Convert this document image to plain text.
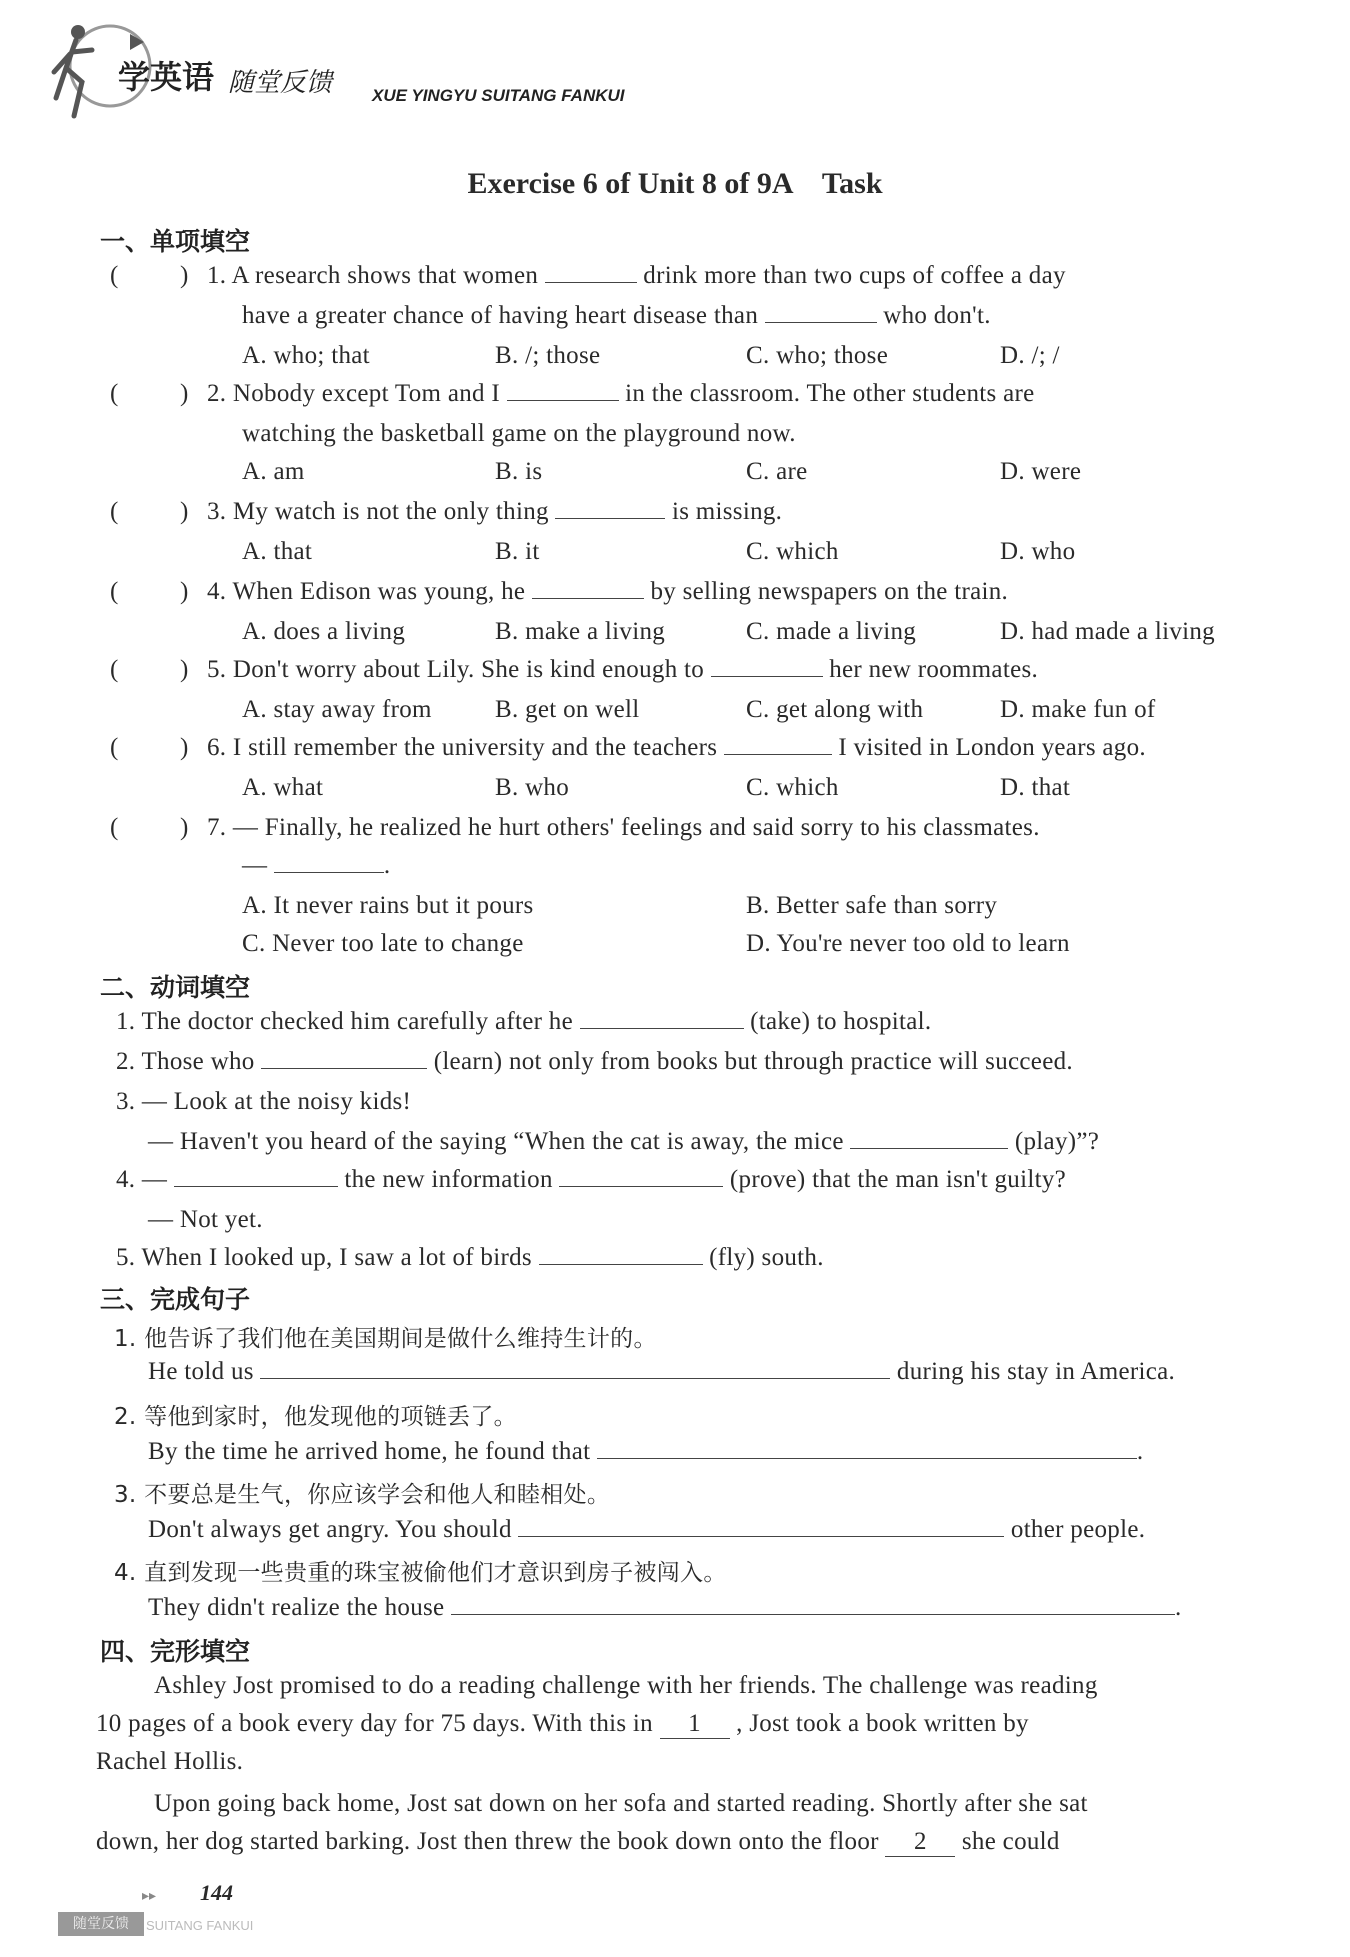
学英语 随堂反馈 XUE YINGYU SUITANG FANKUI
Exercise 6 of Unit 8 of 9A　Task
一、单项填空
( ) 1. A research shows that women	drink more than two cups of coffee a day
have a greater chance of having heart disease than	who don't.
A. who; that	B. /; those	C. who; those	D. /; /
( ) 2. Nobody except Tom and I	in the classroom. The other students are
watching the basketball game on the playground now.
A. am	B. is	C. are	D. were
( ) 3. My watch is not the only thing	is missing.
A. that	B. it	C. which	D. who
( ) 4. When Edison was young, he	by selling newspapers on the train.
A. does a living	B. make a living	C. made a living	D. had made a living
( ) 5. Don't worry about Lily. She is kind enough to	her new roommates.
A. stay away from	B. get on well	C. get along with	D. make fun of
( ) 6. I still remember the university and the teachers	I visited in London years ago.
A. what	B. who	C. which	D. that
( ) 7. — Finally, he realized he hurt others' feelings and said sorry to his classmates.
—	.
A. It never rains but it pours	B. Better safe than sorry
C. Never too late to change	D. You're never too old to learn
二、动词填空
1. The doctor checked him carefully after he	(take) to hospital.
2. Those who	(learn) not only from books but through practice will succeed.
3. — Look at the noisy kids!
— Haven't you heard of the saying “When the cat is away, the mice	(play)”?
4. —	the new information	(prove) that the man isn't guilty?
— Not yet.
5. When I looked up, I saw a lot of birds	(fly) south.
三、完成句子
1. 他告诉了我们他在美国期间是做什么维持生计的。
He told us	during his stay in America.
2. 等他到家时，他发现他的项链丢了。
By the time he arrived home, he found that	.
3. 不要总是生气，你应该学会和他人和睦相处。
Don't always get angry. You should	other people.
4. 直到发现一些贵重的珠宝被偷他们才意识到房子被闯入。
They didn't realize the house	.
四、完形填空
Ashley Jost promised to do a reading challenge with her friends. The challenge was reading
10 pages of a book every day for 75 days. With this in 1 , Jost took a book written by
Rachel Hollis.
Upon going back home, Jost sat down on her sofa and started reading. Shortly after she sat
down, her dog started barking. Jost then threw the book down onto the floor 2 she could
▸▸ 144
随堂反馈	SUITANG FANKUI
